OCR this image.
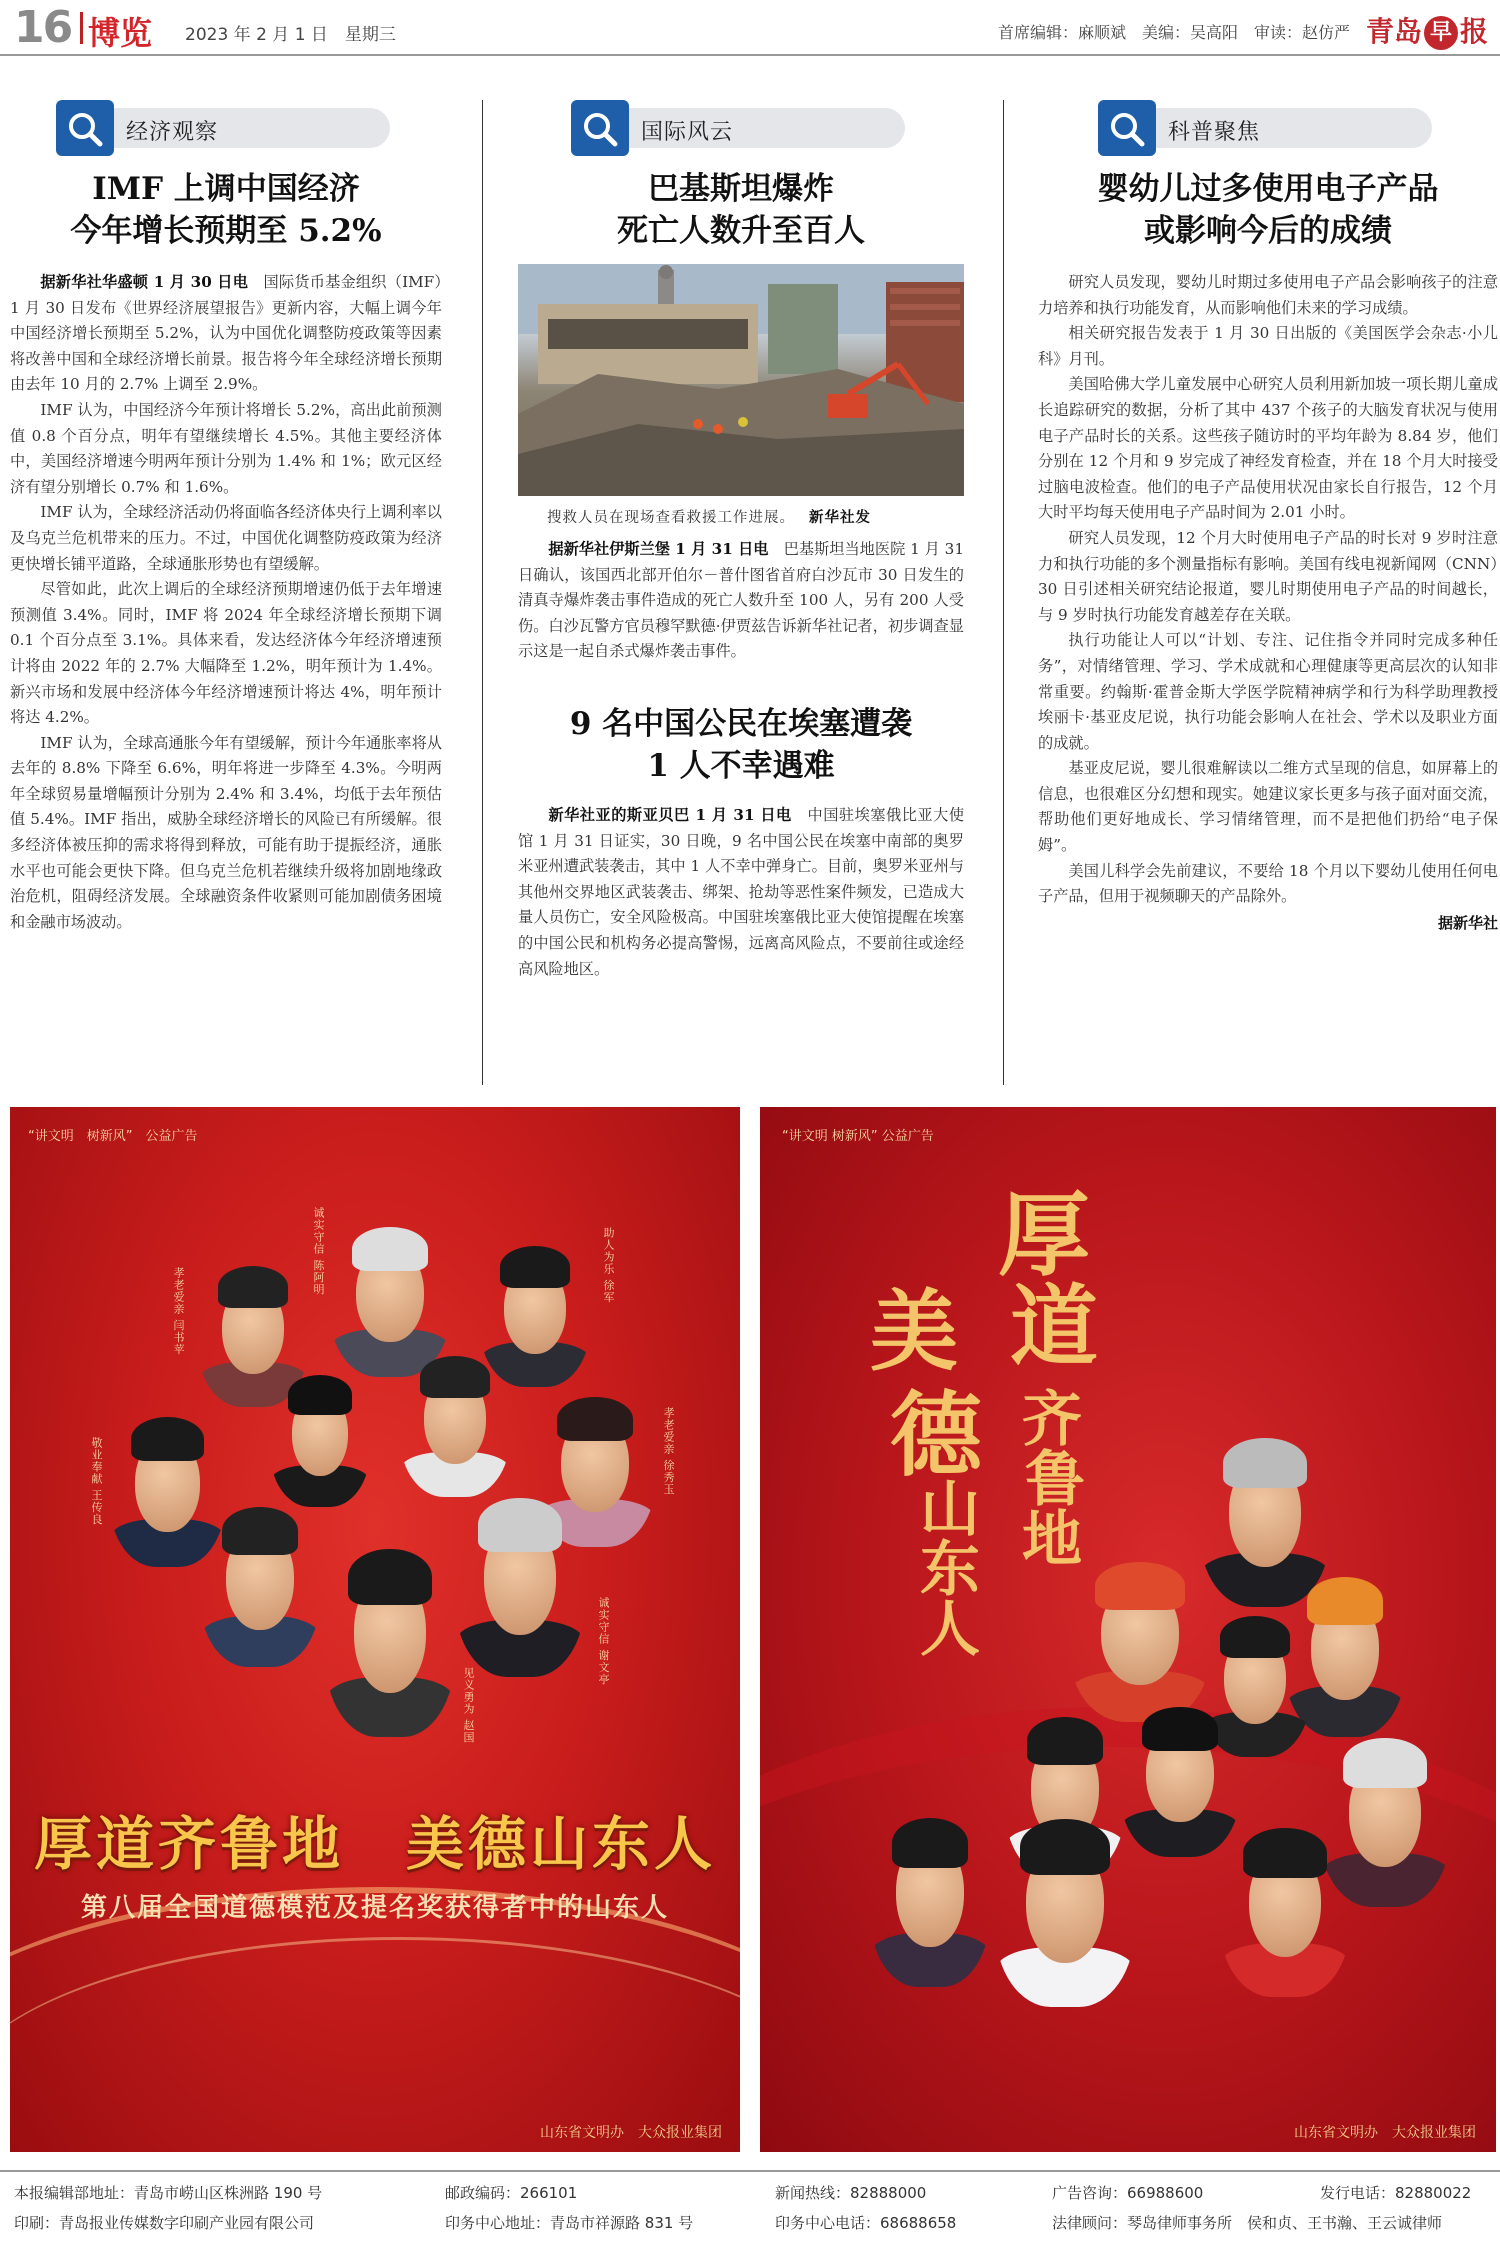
16 博览 2023 年 2 月 1 日　星期三	首席编辑：麻顺斌　美编：吴高阳　审读：赵仿严 青岛 早 报
经济观察
IMF 上调中国经济
今年增长预期至 5.2%

据新华社华盛顿 1 月 30 日电　 国际货币基金组织（IMF）1 月 30 日发布《世界经济展望报告》更新内容，大幅上调今年中国经济增长预期至 5.2%，认为中国优化调整防疫政策等因素将改善中国和全球经济增长前景。报告将今年全球经济增长预期由去年 10 月的 2.7% 上调至 2.9%。

IMF 认为，中国经济今年预计将增长 5.2%，高出此前预测值 0.8 个百分点，明年有望继续增长 4.5%。其他主要经济体中，美国经济增速今明两年预计分别为 1.4% 和 1%；欧元区经济有望分别增长 0.7% 和 1.6%。

IMF 认为，全球经济活动仍将面临各经济体央行上调利率以及乌克兰危机带来的压力。不过，中国优化调整防疫政策为经济更快增长铺平道路，全球通胀形势也有望缓解。

尽管如此，此次上调后的全球经济预期增速仍低于去年增速预测值 3.4%。同时，IMF 将 2024 年全球经济增长预期下调 0.1 个百分点至 3.1%。具体来看，发达经济体今年经济增速预计将由 2022 年的 2.7% 大幅降至 1.2%，明年预计为 1.4%。新兴市场和发展中经济体今年经济增速预计将达 4%，明年预计将达 4.2%。

IMF 认为，全球高通胀今年有望缓解，预计今年通胀率将从去年的 8.8% 下降至 6.6%，明年将进一步降至 4.3%。今明两年全球贸易量增幅预计分别为 2.4% 和 3.4%，均低于去年预估值 5.4%。IMF 指出，威胁全球经济增长的风险已有所缓解。很多经济体被压抑的需求将得到释放，可能有助于提振经济，通胀水平也可能会更快下降。但乌克兰危机若继续升级将加剧地缘政治危机，阻碍经济发展。全球融资条件收紧则可能加剧债务困境和金融市场波动。

国际风云
巴基斯坦爆炸
死亡人数升至百人
搜救人员在现场查看救援工作进展。 新华社发

据新华社伊斯兰堡 1 月 31 日电　 巴基斯坦当地医院 1 月 31 日确认，该国西北部开伯尔－普什图省首府白沙瓦市 30 日发生的清真寺爆炸袭击事件造成的死亡人数升至 100 人，另有 200 人受伤。白沙瓦警方官员穆罕默德·伊贾兹告诉新华社记者，初步调查显示这是一起自杀式爆炸袭击事件。

9 名中国公民在埃塞遭袭
1 人不幸遇难

新华社亚的斯亚贝巴 1 月 31 日电　 中国驻埃塞俄比亚大使馆 1 月 31 日证实，30 日晚，9 名中国公民在埃塞中南部的奥罗米亚州遭武装袭击，其中 1 人不幸中弹身亡。目前，奥罗米亚州与其他州交界地区武装袭击、绑架、抢劫等恶性案件频发，已造成大量人员伤亡，安全风险极高。中国驻埃塞俄比亚大使馆提醒在埃塞的中国公民和机构务必提高警惕，远离高风险点，不要前往或途经高风险地区。

科普聚焦
婴幼儿过多使用电子产品
或影响今后的成绩

研究人员发现，婴幼儿时期过多使用电子产品会影响孩子的注意力培养和执行功能发育，从而影响他们未来的学习成绩。

相关研究报告发表于 1 月 30 日出版的《美国医学会杂志·小儿科》月刊。

美国哈佛大学儿童发展中心研究人员利用新加坡一项长期儿童成长追踪研究的数据，分析了其中 437 个孩子的大脑发育状况与使用电子产品时长的关系。这些孩子随访时的平均年龄为 8.84 岁，他们分别在 12 个月和 9 岁完成了神经发育检查，并在 18 个月大时接受过脑电波检查。他们的电子产品使用状况由家长自行报告，12 个月大时平均每天使用电子产品时间为 2.01 小时。

研究人员发现，12 个月大时使用电子产品的时长对 9 岁时注意力和执行功能的多个测量指标有影响。美国有线电视新闻网（CNN）30 日引述相关研究结论报道，婴儿时期使用电子产品的时间越长，与 9 岁时执行功能发育越差存在关联。

执行功能让人可以“计划、专注、记住指令并同时完成多种任务”，对情绪管理、学习、学术成就和心理健康等更高层次的认知非常重要。约翰斯·霍普金斯大学医学院精神病学和行为科学助理教授埃丽卡·基亚皮尼说，执行功能会影响人在社会、学术以及职业方面的成就。

基亚皮尼说，婴儿很难解读以二维方式呈现的信息，如屏幕上的信息，也很难区分幻想和现实。她建议家长更多与孩子面对面交流，帮助他们更好地成长、学习情绪管理，而不是把他们扔给“电子保姆”。

美国儿科学会先前建议，不要给 18 个月以下婴幼儿使用任何电子产品，但用于视频聊天的产品除外。

据新华社
“讲文明　树新风”　公益广告
孝老爱亲 闫书苹
诚实守信 陈阿明	助人为乐 徐军
敬业奉献 王传良	孝老爱亲 徐秀玉
见义勇为 赵国
诚实守信 谢文亭
厚道齐鲁地　美德山东人
第八届全国道德模范及提名奖获得者中的山东人
山东省文明办　大众报业集团
“讲文明 树新风” 公益广告
厚
道
美
德 齐
鲁
地
山
东
人
山东省文明办　大众报业集团
本报编辑部地址：青岛市崂山区株洲路 190 号	邮政编码：266101	新闻热线：82888000	广告咨询：66988600	发行电话：82880022
印刷：青岛报业传媒数字印刷产业园有限公司	印务中心地址：青岛市祥源路 831 号	印务中心电话：68688658	法律顾问：琴岛律师事务所　侯和贞、王书瀚、王云诚律师
